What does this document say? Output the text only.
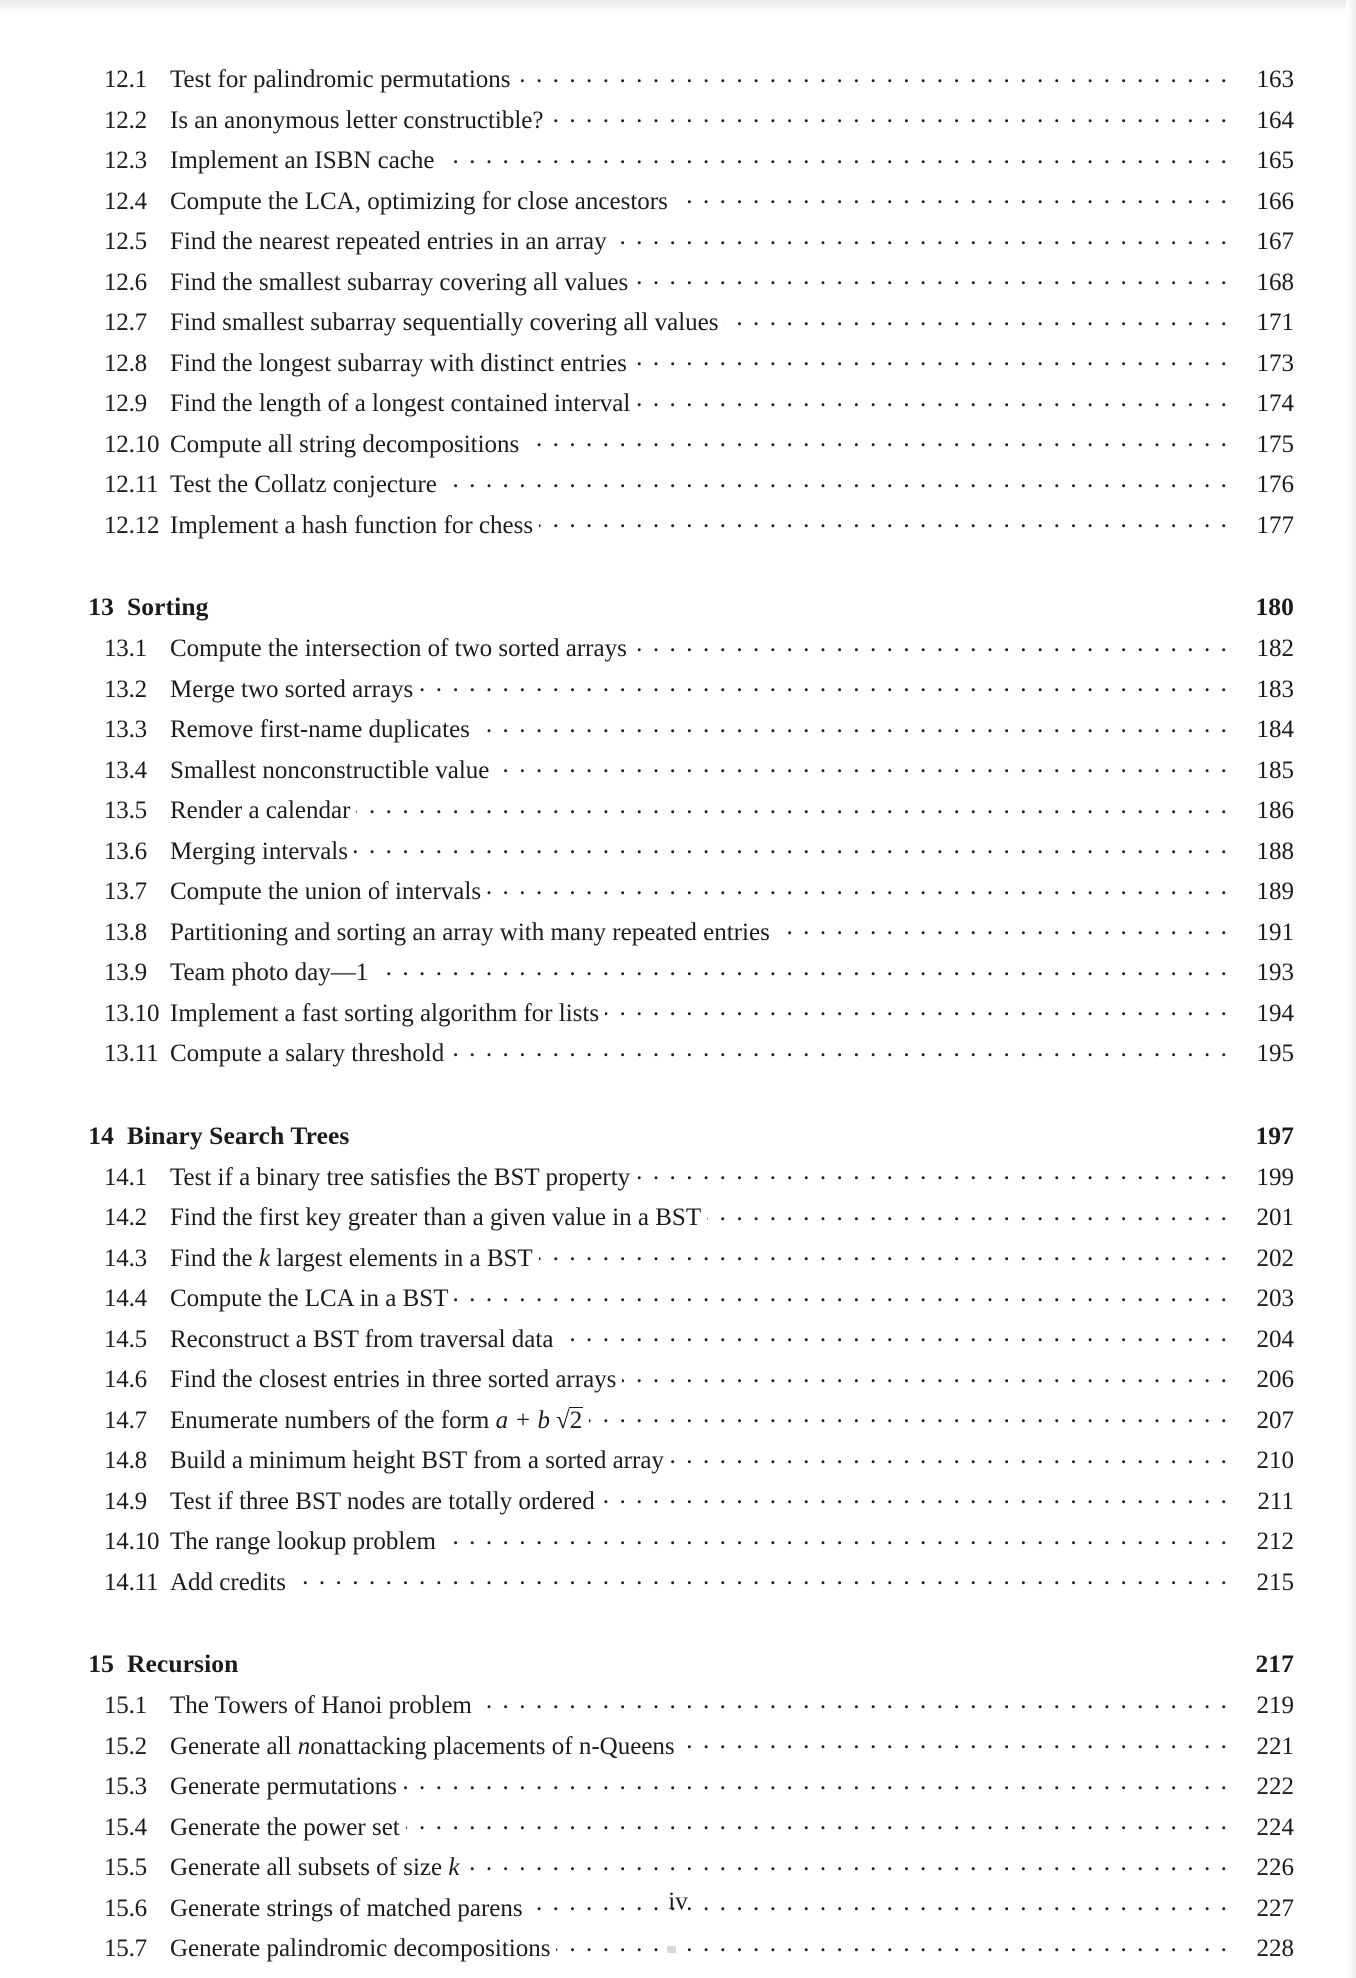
12.1 Test for palindromic permutations . . .	163
12.2 Is an anonymous letter constructible? . . .	164
12.3 Implement an ISBN cache . . .	165
12.4 Compute the LCA, optimizing for close ancestors . . .	166
12.5 Find the nearest repeated entries in an array . . .	167
12.6 Find the smallest subarray covering all values . . .	168
12.7 Find smallest subarray sequentially covering all values . . .	171
12.8 Find the longest subarray with distinct entries . . .	173
12.9 Find the length of a longest contained interval . . .	174
12.10 Compute all string decompositions . . .	175
12.11 Test the Collatz conjecture . . .	176
12.12 Implement a hash function for chess . . .	177
13 Sorting	180
13.1 Compute the intersection of two sorted arrays . . .	182
13.2 Merge two sorted arrays . . .	183
13.3 Remove first-name duplicates . . .	184
13.4 Smallest nonconstructible value . . .	185
13.5 Render a calendar . . .	186
13.6 Merging intervals . . .	188
13.7 Compute the union of intervals . . .	189
13.8 Partitioning and sorting an array with many repeated entries . . .	191
13.9 Team photo day—1 . . .	193
13.10 Implement a fast sorting algorithm for lists . . .	194
13.11 Compute a salary threshold . . .	195
14 Binary Search Trees	197
14.1 Test if a binary tree satisfies the BST property . . .	199
14.2 Find the first key greater than a given value in a BST . . .	201
14.3 Find the k largest elements in a BST . . .	202
14.4 Compute the LCA in a BST . . .	203
14.5 Reconstruct a BST from traversal data . . .	204
14.6 Find the closest entries in three sorted arrays . . .	206
14.7 Enumerate numbers of the form a + b √2 . . .	207
14.8 Build a minimum height BST from a sorted array . . .	210
14.9 Test if three BST nodes are totally ordered . . .	211
14.10 The range lookup problem . . .	212
14.11 Add credits . . .	215
15 Recursion	217
15.1 The Towers of Hanoi problem . . .	219
15.2 Generate all nonattacking placements of n-Queens . . .	221
15.3 Generate permutations . . .	222
15.4 Generate the power set . . .	224
15.5 Generate all subsets of size k . . .	226
15.6 Generate strings of matched parens . . .	227
15.7 Generate palindromic decompositions . . .	228
iv
